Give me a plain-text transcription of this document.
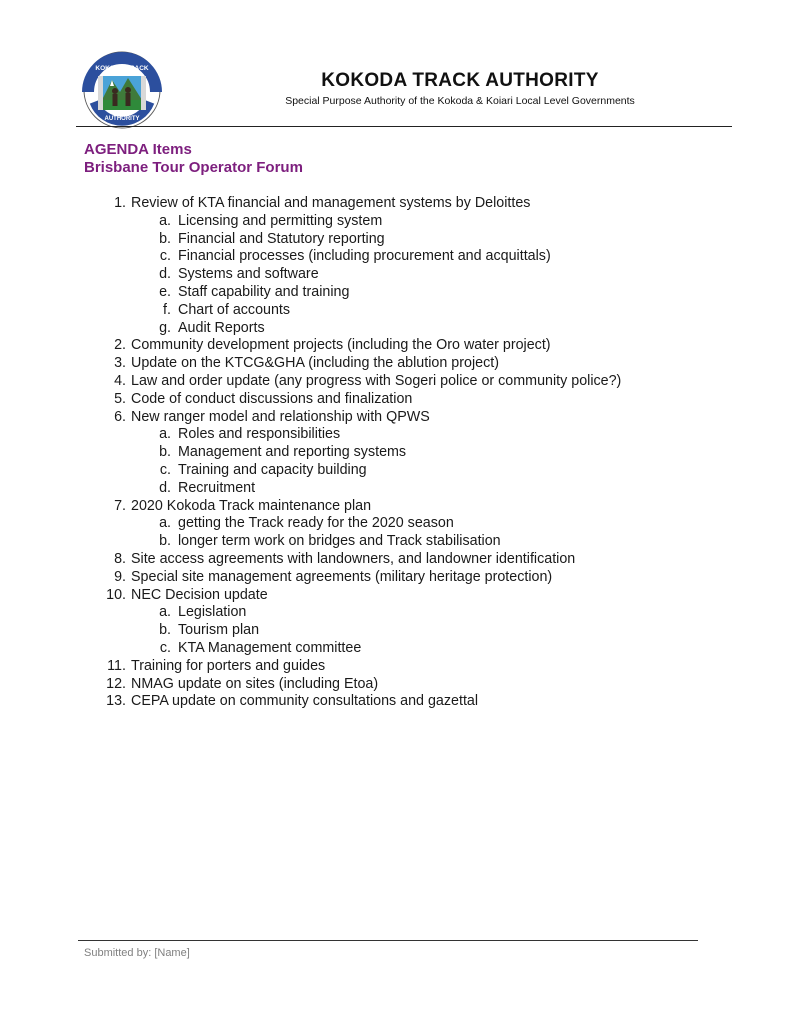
KOKODA TRACK
AUTHORITY
KOKODA TRACK AUTHORITY
Special Purpose Authority of the Kokoda & Koiari Local Level Governments
AGENDA Items
Brisbane Tour Operator Forum
1. Review of KTA financial and management systems by Deloittes
a. Licensing and permitting system
b. Financial and Statutory reporting
c. Financial processes (including procurement and acquittals)
d. Systems and software
e. Staff capability and training
f. Chart of accounts
g. Audit Reports
2. Community development projects (including the Oro water project)
3. Update on the KTCG&GHA (including the ablution project)
4. Law and order update (any progress with Sogeri police or community police?)
5. Code of conduct discussions and finalization
6. New ranger model and relationship with QPWS
a. Roles and responsibilities
b. Management and reporting systems
c. Training and capacity building
d. Recruitment
7. 2020 Kokoda Track maintenance plan
a. getting the Track ready for the 2020 season
b. longer term work on bridges and Track stabilisation
8. Site access agreements with landowners, and landowner identification
9. Special site management agreements (military heritage protection)
10. NEC Decision update
a. Legislation
b. Tourism plan
c. KTA Management committee
11. Training for porters and guides
12. NMAG update on sites (including Etoa)
13. CEPA update on community consultations and gazettal
Submitted by: [Name]
